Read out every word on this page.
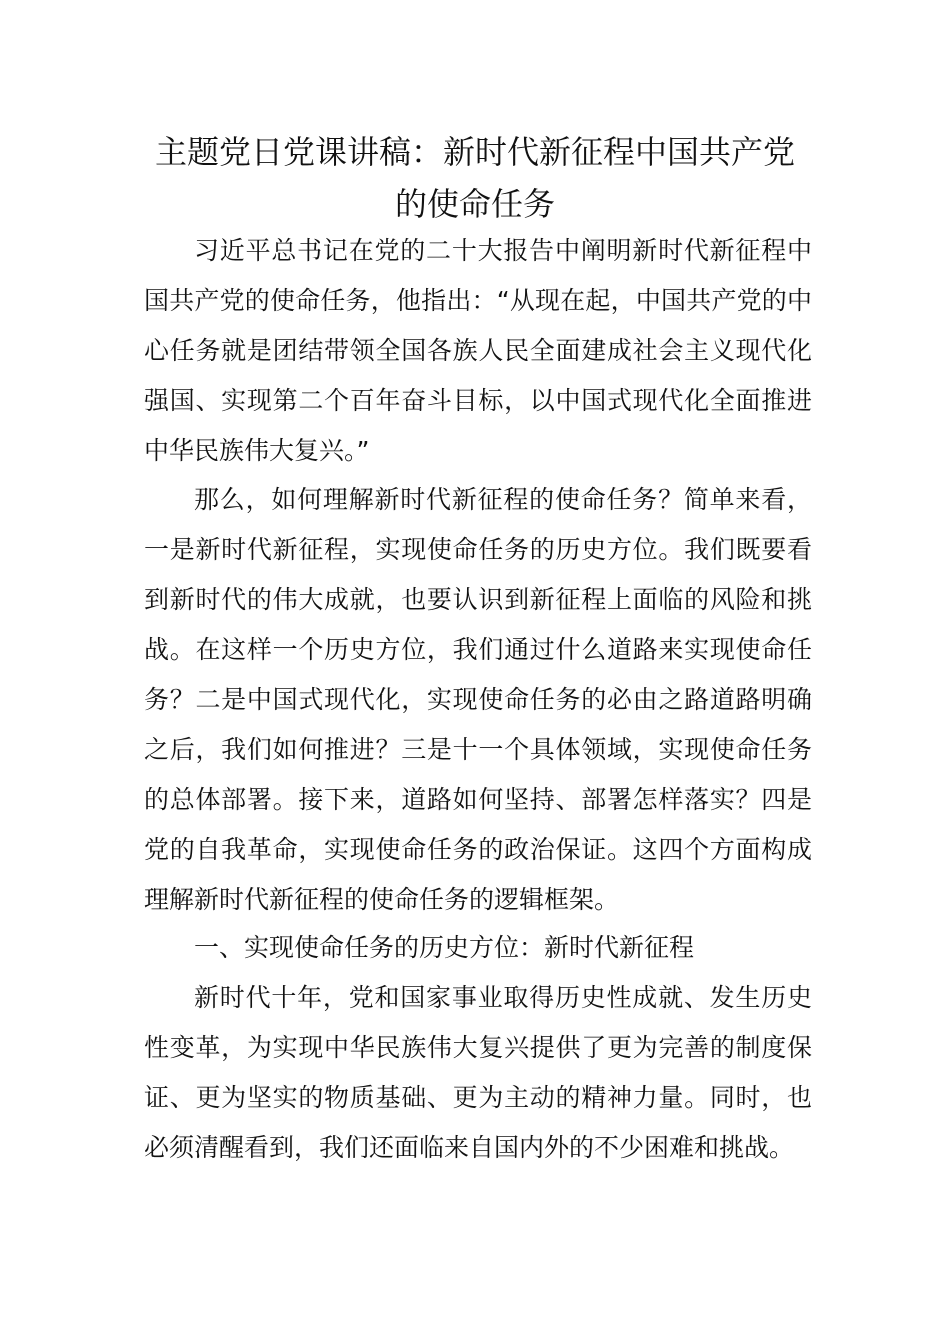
主题党日党课讲稿：新时代新征程中国共产党的使命任务

习近平总书记在党的二十大报告中阐明新时代新征程中国共产党的使命任务，他指出：“从现在起，中国共产党的中心任务就是团结带领全国各族人民全面建成社会主义现代化强国、实现第二个百年奋斗目标，以中国式现代化全面推进中华民族伟大复兴。”

那么，如何理解新时代新征程的使命任务？简单来看，一是新时代新征程，实现使命任务的历史方位。我们既要看到新时代的伟大成就，也要认识到新征程上面临的风险和挑战。在这样一个历史方位，我们通过什么道路来实现使命任务？二是中国式现代化，实现使命任务的必由之路道路明确之后，我们如何推进？三是十一个具体领域，实现使命任务的总体部署。接下来，道路如何坚持、部署怎样落实？四是党的自我革命，实现使命任务的政治保证。这四个方面构成理解新时代新征程的使命任务的逻辑框架。

一、实现使命任务的历史方位：新时代新征程

新时代十年，党和国家事业取得历史性成就、发生历史性变革，为实现中华民族伟大复兴提供了更为完善的制度保证、更为坚实的物质基础、更为主动的精神力量。同时，也必须清醒看到，我们还面临来自国内外的不少困难和挑战。
